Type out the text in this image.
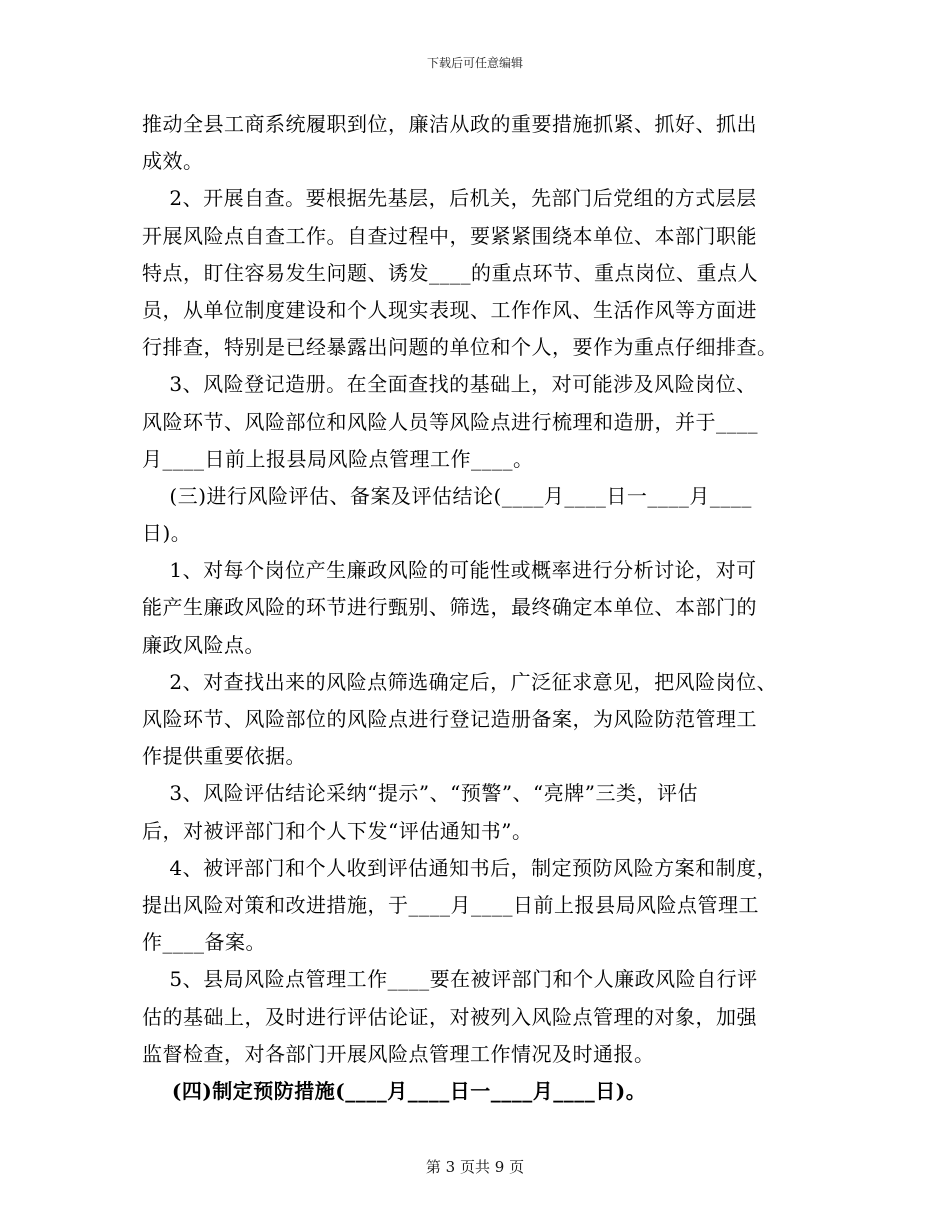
下载后可任意编辑
推动全县工商系统履职到位，廉洁从政的重要措施抓紧、抓好、抓出
成效。
2、开展自查。要根据先基层，后机关，先部门后党组的方式层层
开展风险点自查工作。自查过程中，要紧紧围绕本单位、本部门职能
特点，盯住容易发生问题、诱发____的重点环节、重点岗位、重点人
员，从单位制度建设和个人现实表现、工作作风、生活作风等方面进
行排查，特别是已经暴露出问题的单位和个人，要作为重点仔细排查。
3、风险登记造册。在全面查找的基础上，对可能涉及风险岗位、
风险环节、风险部位和风险人员等风险点进行梳理和造册，并于____
月____日前上报县局风险点管理工作____。
(三)进行风险评估、备案及评估结论(____月____日一____月____
日)。
1、对每个岗位产生廉政风险的可能性或概率进行分析讨论，对可
能产生廉政风险的环节进行甄别、筛选，最终确定本单位、本部门的
廉政风险点。
2、对查找出来的风险点筛选确定后，广泛征求意见，把风险岗位、
风险环节、风险部位的风险点进行登记造册备案，为风险防范管理工
作提供重要依据。
3、风险评估结论采纳“提示”、“预警”、“亮牌”三类，评估
后，对被评部门和个人下发“评估通知书”。
4、被评部门和个人收到评估通知书后，制定预防风险方案和制度，
提出风险对策和改进措施，于____月____日前上报县局风险点管理工
作____备案。
5、县局风险点管理工作____要在被评部门和个人廉政风险自行评
估的基础上，及时进行评估论证，对被列入风险点管理的对象，加强
监督检查，对各部门开展风险点管理工作情况及时通报。
(四)制定预防措施(____月____日一____月____日)。
第 3 页共 9 页
